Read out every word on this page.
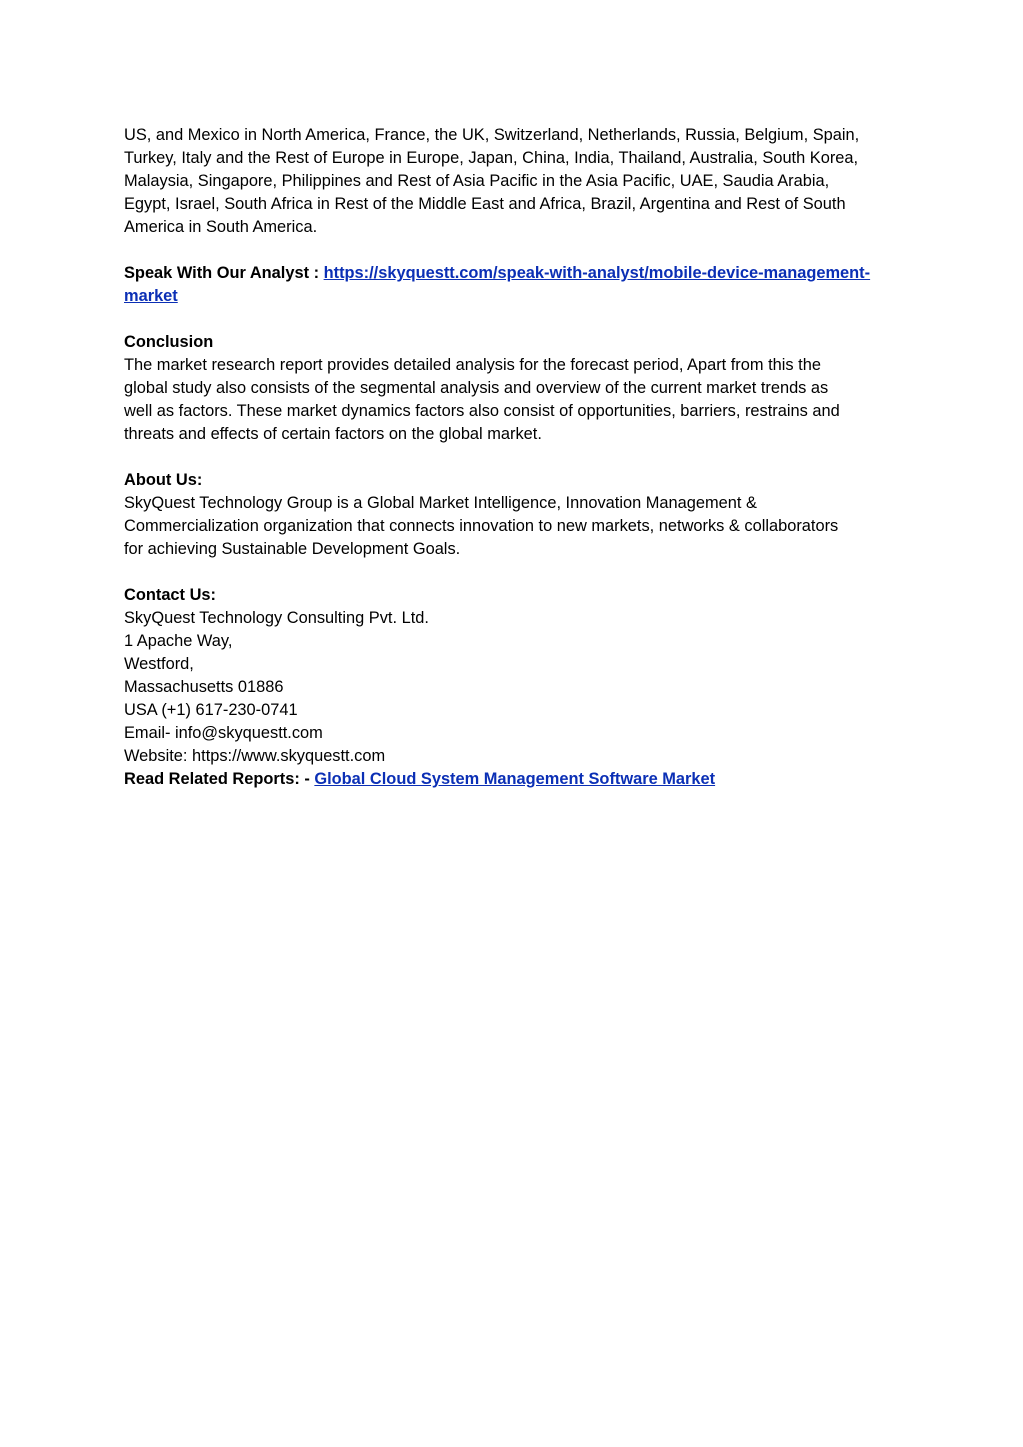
US, and Mexico in North America, France, the UK, Switzerland, Netherlands, Russia, Belgium, Spain,
Turkey, Italy and the Rest of Europe in Europe, Japan, China, India, Thailand, Australia, South Korea,
Malaysia, Singapore, Philippines and Rest of Asia Pacific in the Asia Pacific, UAE, Saudia Arabia,
Egypt, Israel, South Africa in Rest of the Middle East and Africa, Brazil, Argentina and Rest of South
America in South America.

Speak With Our Analyst : https://skyquestt.com/speak-with-analyst/mobile-device-management-
market

Conclusion
The market research report provides detailed analysis for the forecast period, Apart from this the
global study also consists of the segmental analysis and overview of the current market trends as
well as factors. These market dynamics factors also consist of opportunities, barriers, restrains and
threats and effects of certain factors on the global market.

About Us:
SkyQuest Technology Group is a Global Market Intelligence, Innovation Management &
Commercialization organization that connects innovation to new markets, networks & collaborators
for achieving Sustainable Development Goals.

Contact Us:
SkyQuest Technology Consulting Pvt. Ltd.
1 Apache Way,
Westford,
Massachusetts 01886
USA (+1) 617-230-0741
Email- info@skyquestt.com
Website: https://www.skyquestt.com
Read Related Reports: - Global Cloud System Management Software Market
